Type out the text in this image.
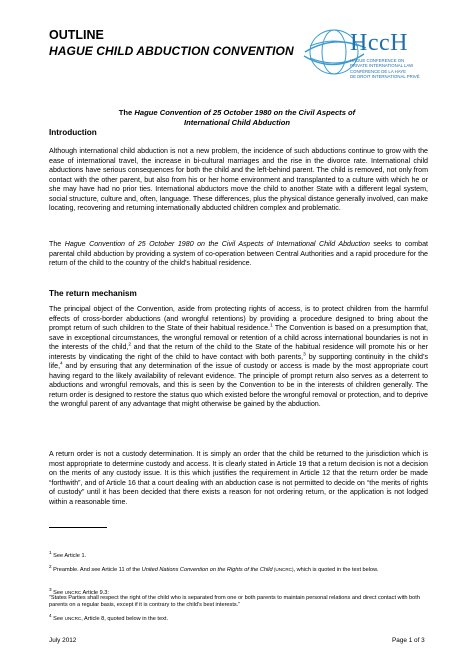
OUTLINE
HAGUE CHILD ABDUCTION CONVENTION HccH
HAGUE CONFERENCE ON
PRIVATE INTERNATIONAL LAW
CONFÉRENCE DE LA HAYE
DE DROIT INTERNATIONAL PRIVÉ
The Hague Convention of 25 October 1980 on the Civil Aspects of
International Child Abduction
Introduction
Although international child abduction is not a new problem, the incidence of such abductions continue to grow with the ease of international travel, the increase in bi-cultural marriages and the rise in the divorce rate. International child abductions have serious consequences for both the child and the left-behind parent. The child is removed, not only from contact with the other parent, but also from his or her home environment and transplanted to a culture with which he or she may have had no prior ties. International abductors move the child to another State with a different legal system, social structure, culture and, often, language. These differences, plus the physical distance generally involved, can make locating, recovering and returning internationally abducted children complex and problematic.
The Hague Convention of 25 October 1980 on the Civil Aspects of International Child Abduction seeks to combat parental child abduction by providing a system of co-operation between Central Authorities and a rapid procedure for the return of the child to the country of the child’s habitual residence.
The return mechanism
The principal object of the Convention, aside from protecting rights of access, is to protect children from the harmful effects of cross-border abductions (and wrongful retentions) by providing a procedure designed to bring about the prompt return of such children to the State of their habitual residence.$^1$ The Convention is based on a presumption that, save in exceptional circumstances, the wrongful removal or retention of a child across international boundaries is not in the interests of the child,$^2$ and that the return of the child to the State of the habitual residence will promote his or her interests by vindicating the right of the child to have contact with both parents,$^3$ by supporting continuity in the child’s life,$^4$ and by ensuring that any determination of the issue of custody or access is made by the most appropriate court having regard to the likely availability of relevant evidence. The principle of prompt return also serves as a deterrent to abductions and wrongful removals, and this is seen by the Convention to be in the interests of children generally. The return order is designed to restore the status quo which existed before the wrongful removal or protection, and to deprive the wrongful parent of any advantage that might otherwise be gained by the abduction.
A return order is not a custody determination. It is simply an order that the child be returned to the jurisdiction which is most appropriate to determine custody and access. It is clearly stated in Article 19 that a return decision is not a decision on the merits of any custody issue. It is this which justifies the requirement in Article 12 that the return order be made “forthwith”, and of Article 16 that a court dealing with an abduction case is not permitted to decide on “the merits of rights of custody” until it has been decided that there exists a reason for not ordering return, or the application is not lodged within a reasonable time.
$^1$ See Article 1.
$^2$ Preamble. And see Article 11 of the United Nations Convention on the Rights of the Child (UNCRC), which is quoted in the text below.
$^3$ See UNCRC Article 9.3:
“States Parties shall respect the right of the child who is separated from one or both parents to maintain personal relations and direct contact with both parents on a regular basis, except if it is contrary to the child’s best interests.”
$^4$ See UNCRC, Article 8, quoted below in the text.
July 2012	Page 1 of 3
